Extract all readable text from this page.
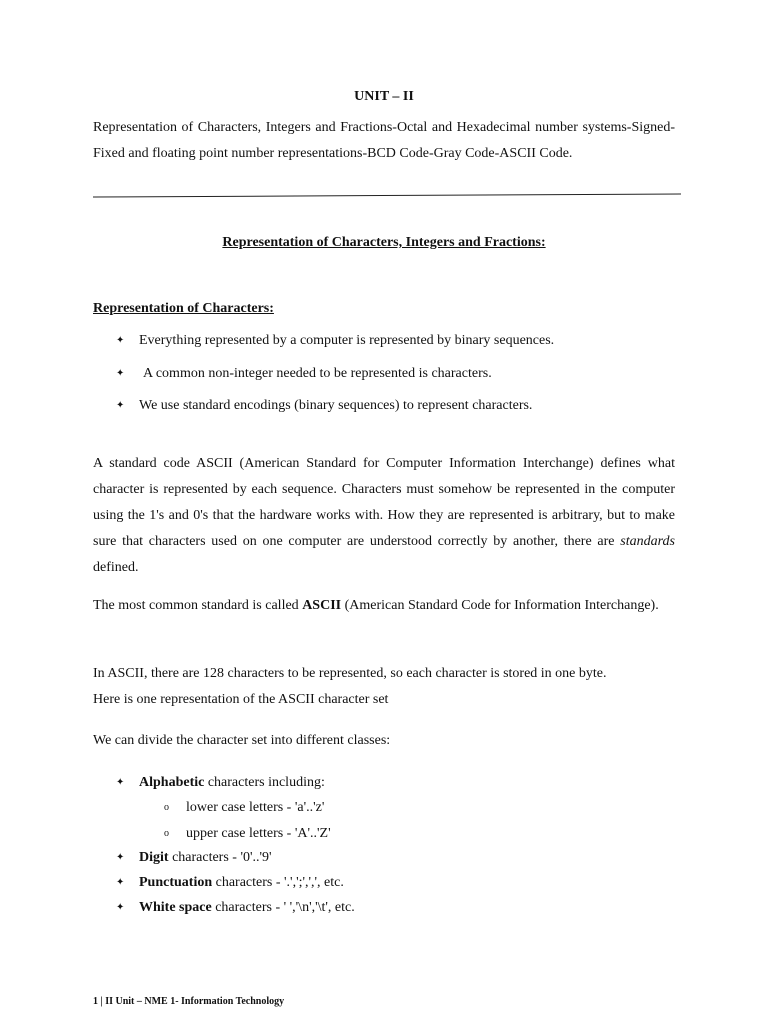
UNIT – II
Representation of Characters, Integers and Fractions-Octal and Hexadecimal number systems-Signed-Fixed and floating point number representations-BCD Code-Gray Code-ASCII Code.
Representation of Characters, Integers and Fractions:
Representation of Characters:
✦ Everything represented by a computer is represented by binary sequences.
✦ A common non-integer needed to be represented is characters.
✦ We use standard encodings (binary sequences) to represent characters.
A standard code ASCII (American Standard for Computer Information Interchange) defines what character is represented by each sequence. Characters must somehow be represented in the computer using the 1's and 0's that the hardware works with. How they are represented is arbitrary, but to make sure that characters used on one computer are understood correctly by another, there are standards defined.
The most common standard is called ASCII (American Standard Code for Information Interchange).
In ASCII, there are 128 characters to be represented, so each character is stored in one byte.
Here is one representation of the ASCII character set
We can divide the character set into different classes:
✦ Alphabetic characters including:
o lower case letters - 'a'..'z'
o upper case letters - 'A'..'Z'
✦ Digit characters - '0'..'9'
✦ Punctuation characters - '.',';',',', etc.
✦ White space characters - ' ','\n','\t', etc.
1 | II Unit – NME 1- Information Technology
